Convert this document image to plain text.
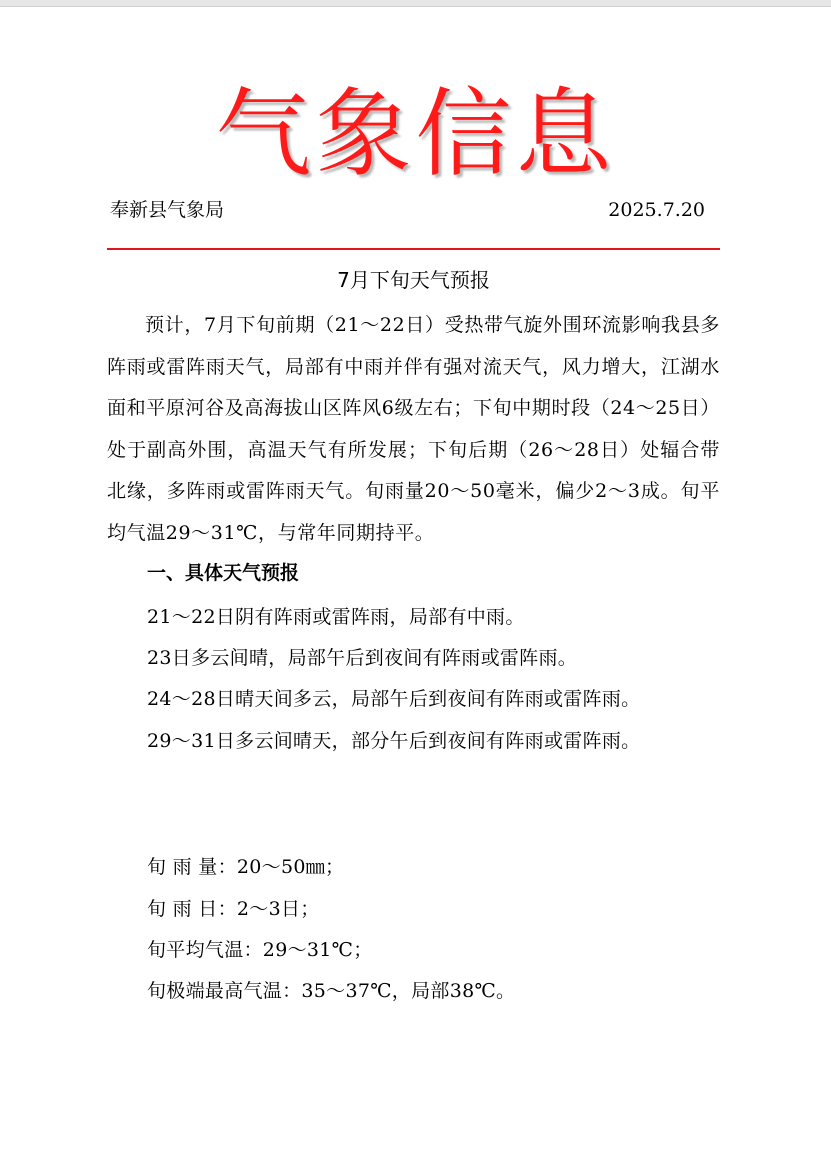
气象信息
奉新县气象局	2025.7.20
7月下旬天气预报
预计，7月下旬前期（21～22日）受热带气旋外围环流影响我县多阵雨或雷阵雨天气，局部有中雨并伴有强对流天气，风力增大，江湖水面和平原河谷及高海拔山区阵风6级左右；下旬中期时段（24～25日）处于副高外围，高温天气有所发展；下旬后期（26～28日）处辐合带北缘，多阵雨或雷阵雨天气。旬雨量20～50毫米，偏少2～3成。旬平均气温29～31℃，与常年同期持平。
一、具体天气预报
21～22日阴有阵雨或雷阵雨，局部有中雨。
23日多云间晴，局部午后到夜间有阵雨或雷阵雨。
24～28日晴天间多云，局部午后到夜间有阵雨或雷阵雨。
29～31日多云间晴天，部分午后到夜间有阵雨或雷阵雨。
旬 雨 量：20～50㎜；
旬 雨 日：2～3日；
旬平均气温：29～31℃；
旬极端最高气温：35～37℃，局部38℃。
